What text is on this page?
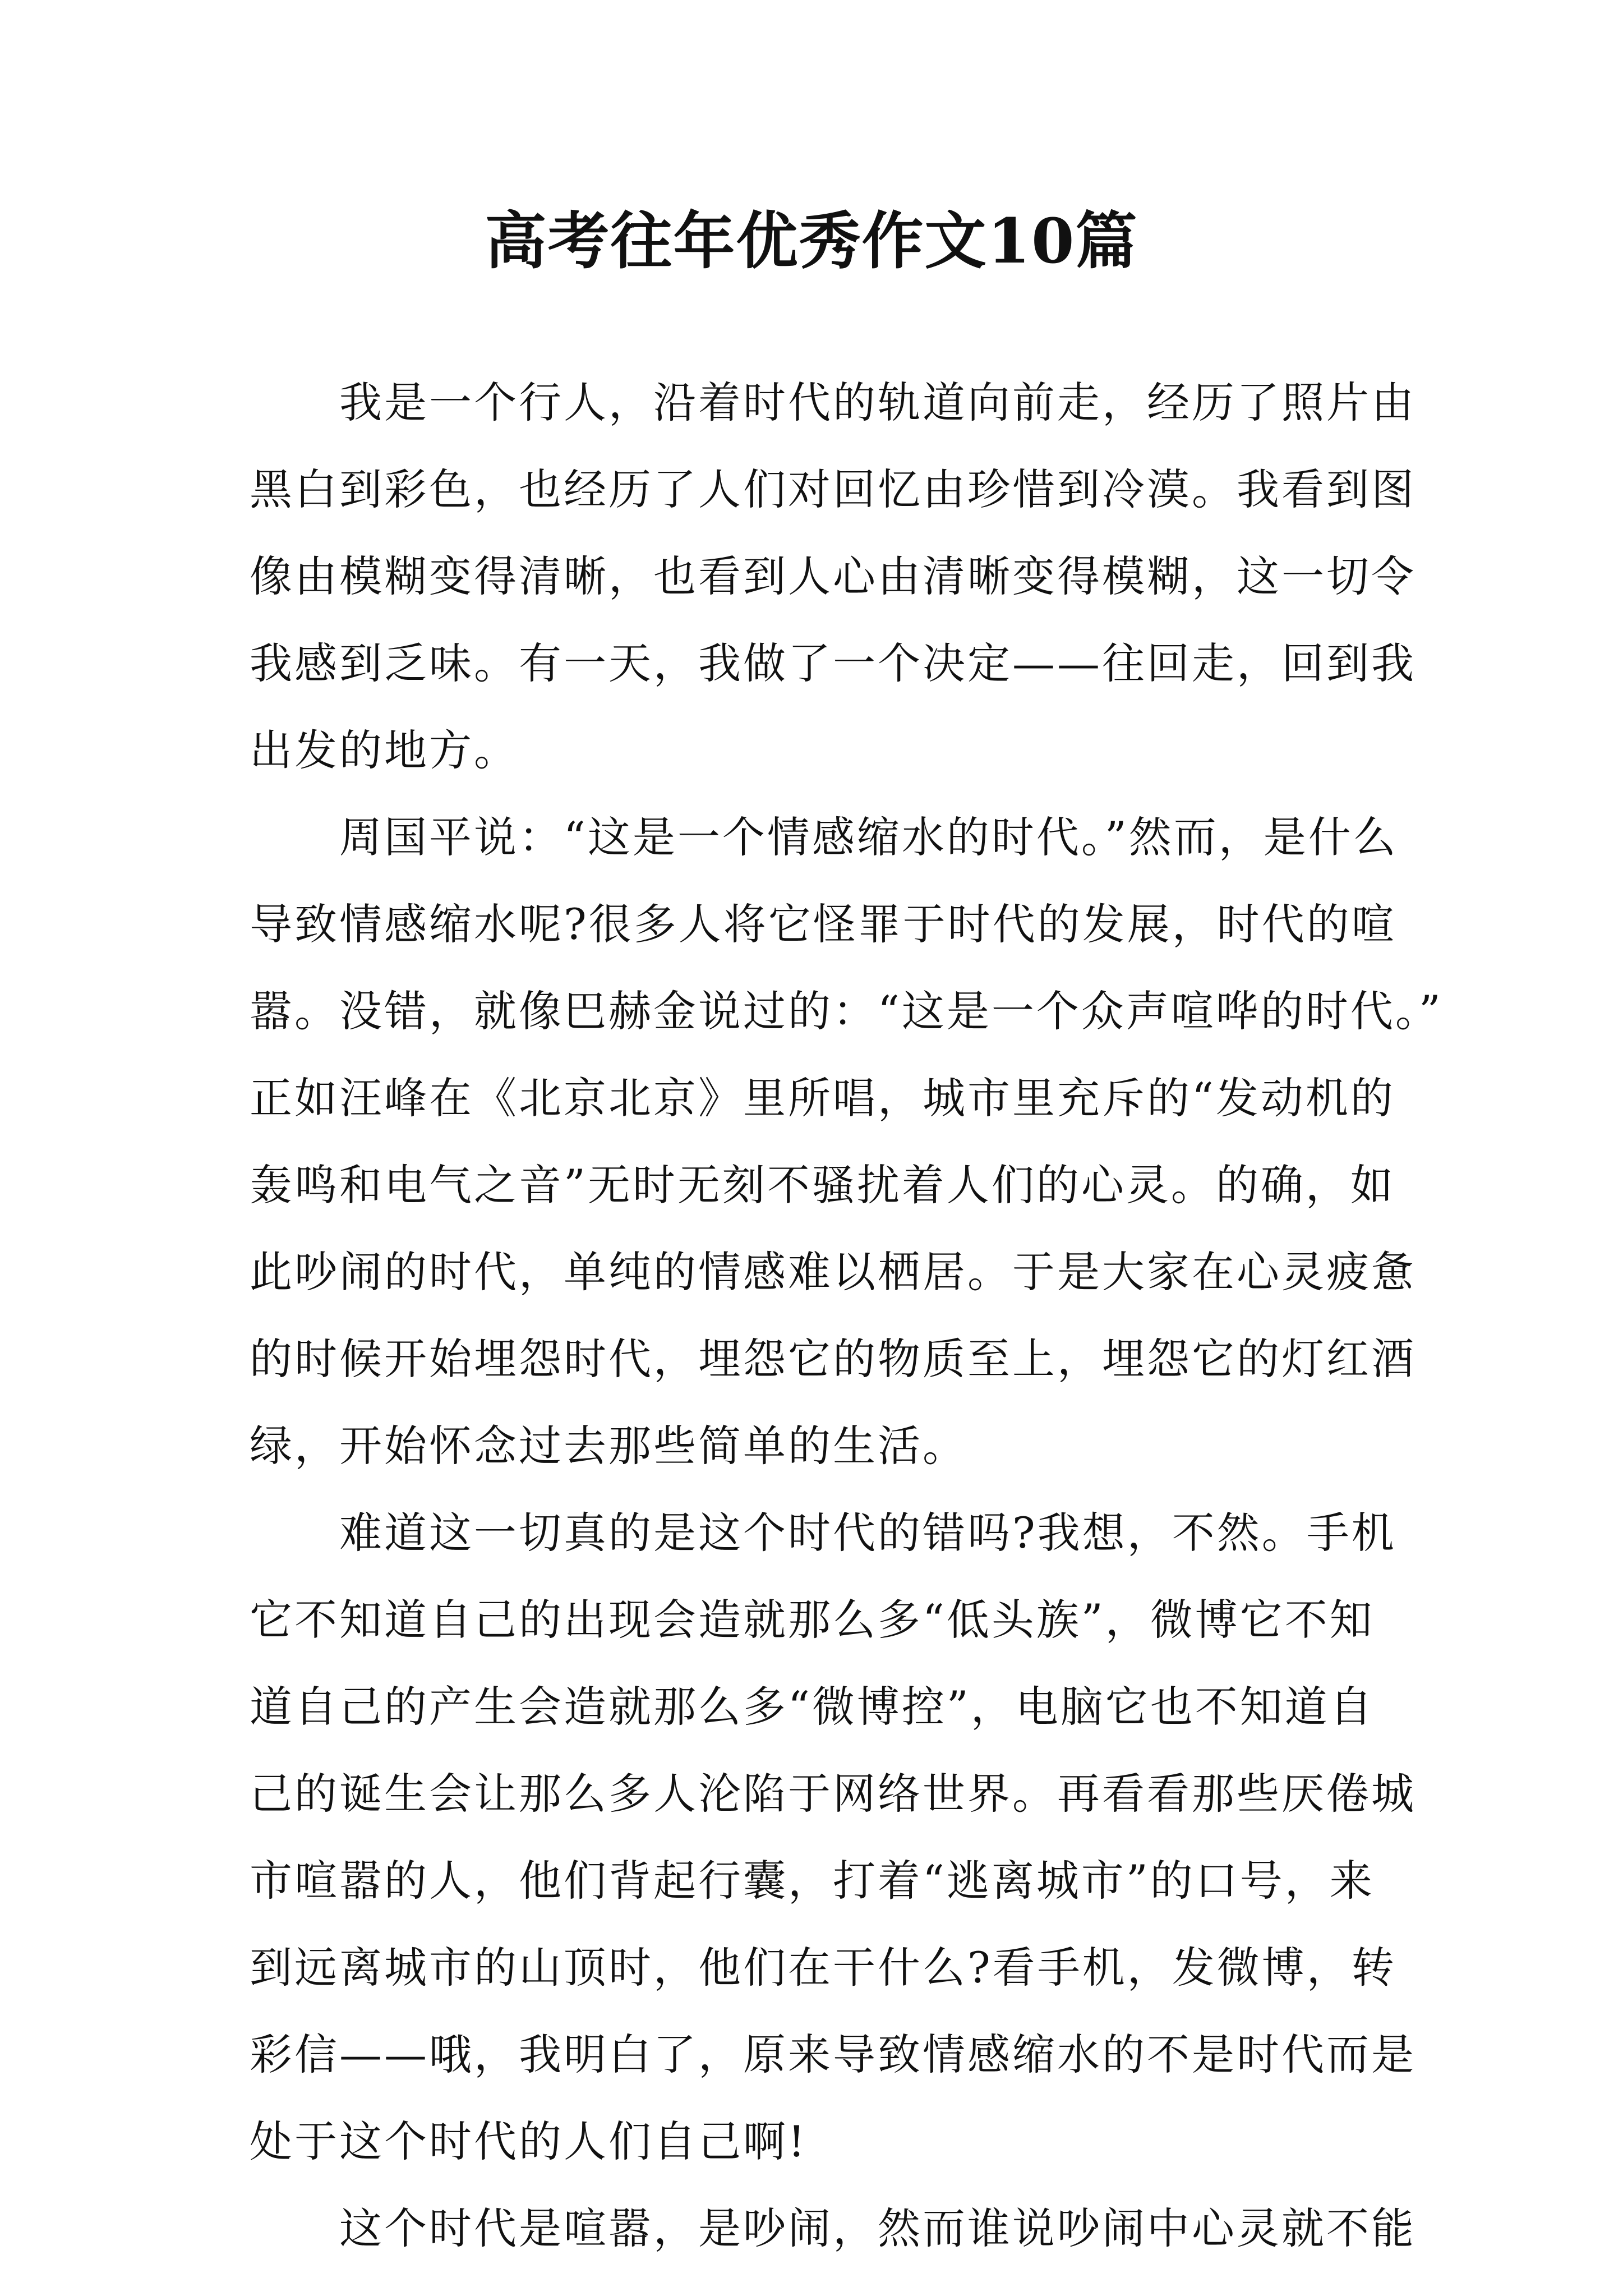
高考往年优秀作文10篇
我是一个行人，沿着时代的轨道向前走，经历了照片由
黑白到彩色，也经历了人们对回忆由珍惜到冷漠。我看到图
像由模糊变得清晰，也看到人心由清晰变得模糊，这一切令
我感到乏味。有一天，我做了一个决定——往回走，回到我
出发的地方。
周国平说：“这是一个情感缩水的时代。”然而，是什么
导致情感缩水呢?很多人将它怪罪于时代的发展，时代的喧
嚣。没错，就像巴赫金说过的：“这是一个众声喧哗的时代。”
正如汪峰在《北京北京》里所唱，城市里充斥的“发动机的
轰鸣和电气之音”无时无刻不骚扰着人们的心灵。的确，如
此吵闹的时代，单纯的情感难以栖居。于是大家在心灵疲惫
的时候开始埋怨时代，埋怨它的物质至上，埋怨它的灯红酒
绿，开始怀念过去那些简单的生活。
难道这一切真的是这个时代的错吗?我想，不然。手机
它不知道自己的出现会造就那么多“低头族”，微博它不知
道自己的产生会造就那么多“微博控”，电脑它也不知道自
己的诞生会让那么多人沦陷于网络世界。再看看那些厌倦城
市喧嚣的人，他们背起行囊，打着“逃离城市”的口号，来
到远离城市的山顶时，他们在干什么?看手机，发微博，转
彩信——哦，我明白了，原来导致情感缩水的不是时代而是
处于这个时代的人们自己啊!
这个时代是喧嚣，是吵闹，然而谁说吵闹中心灵就不能
